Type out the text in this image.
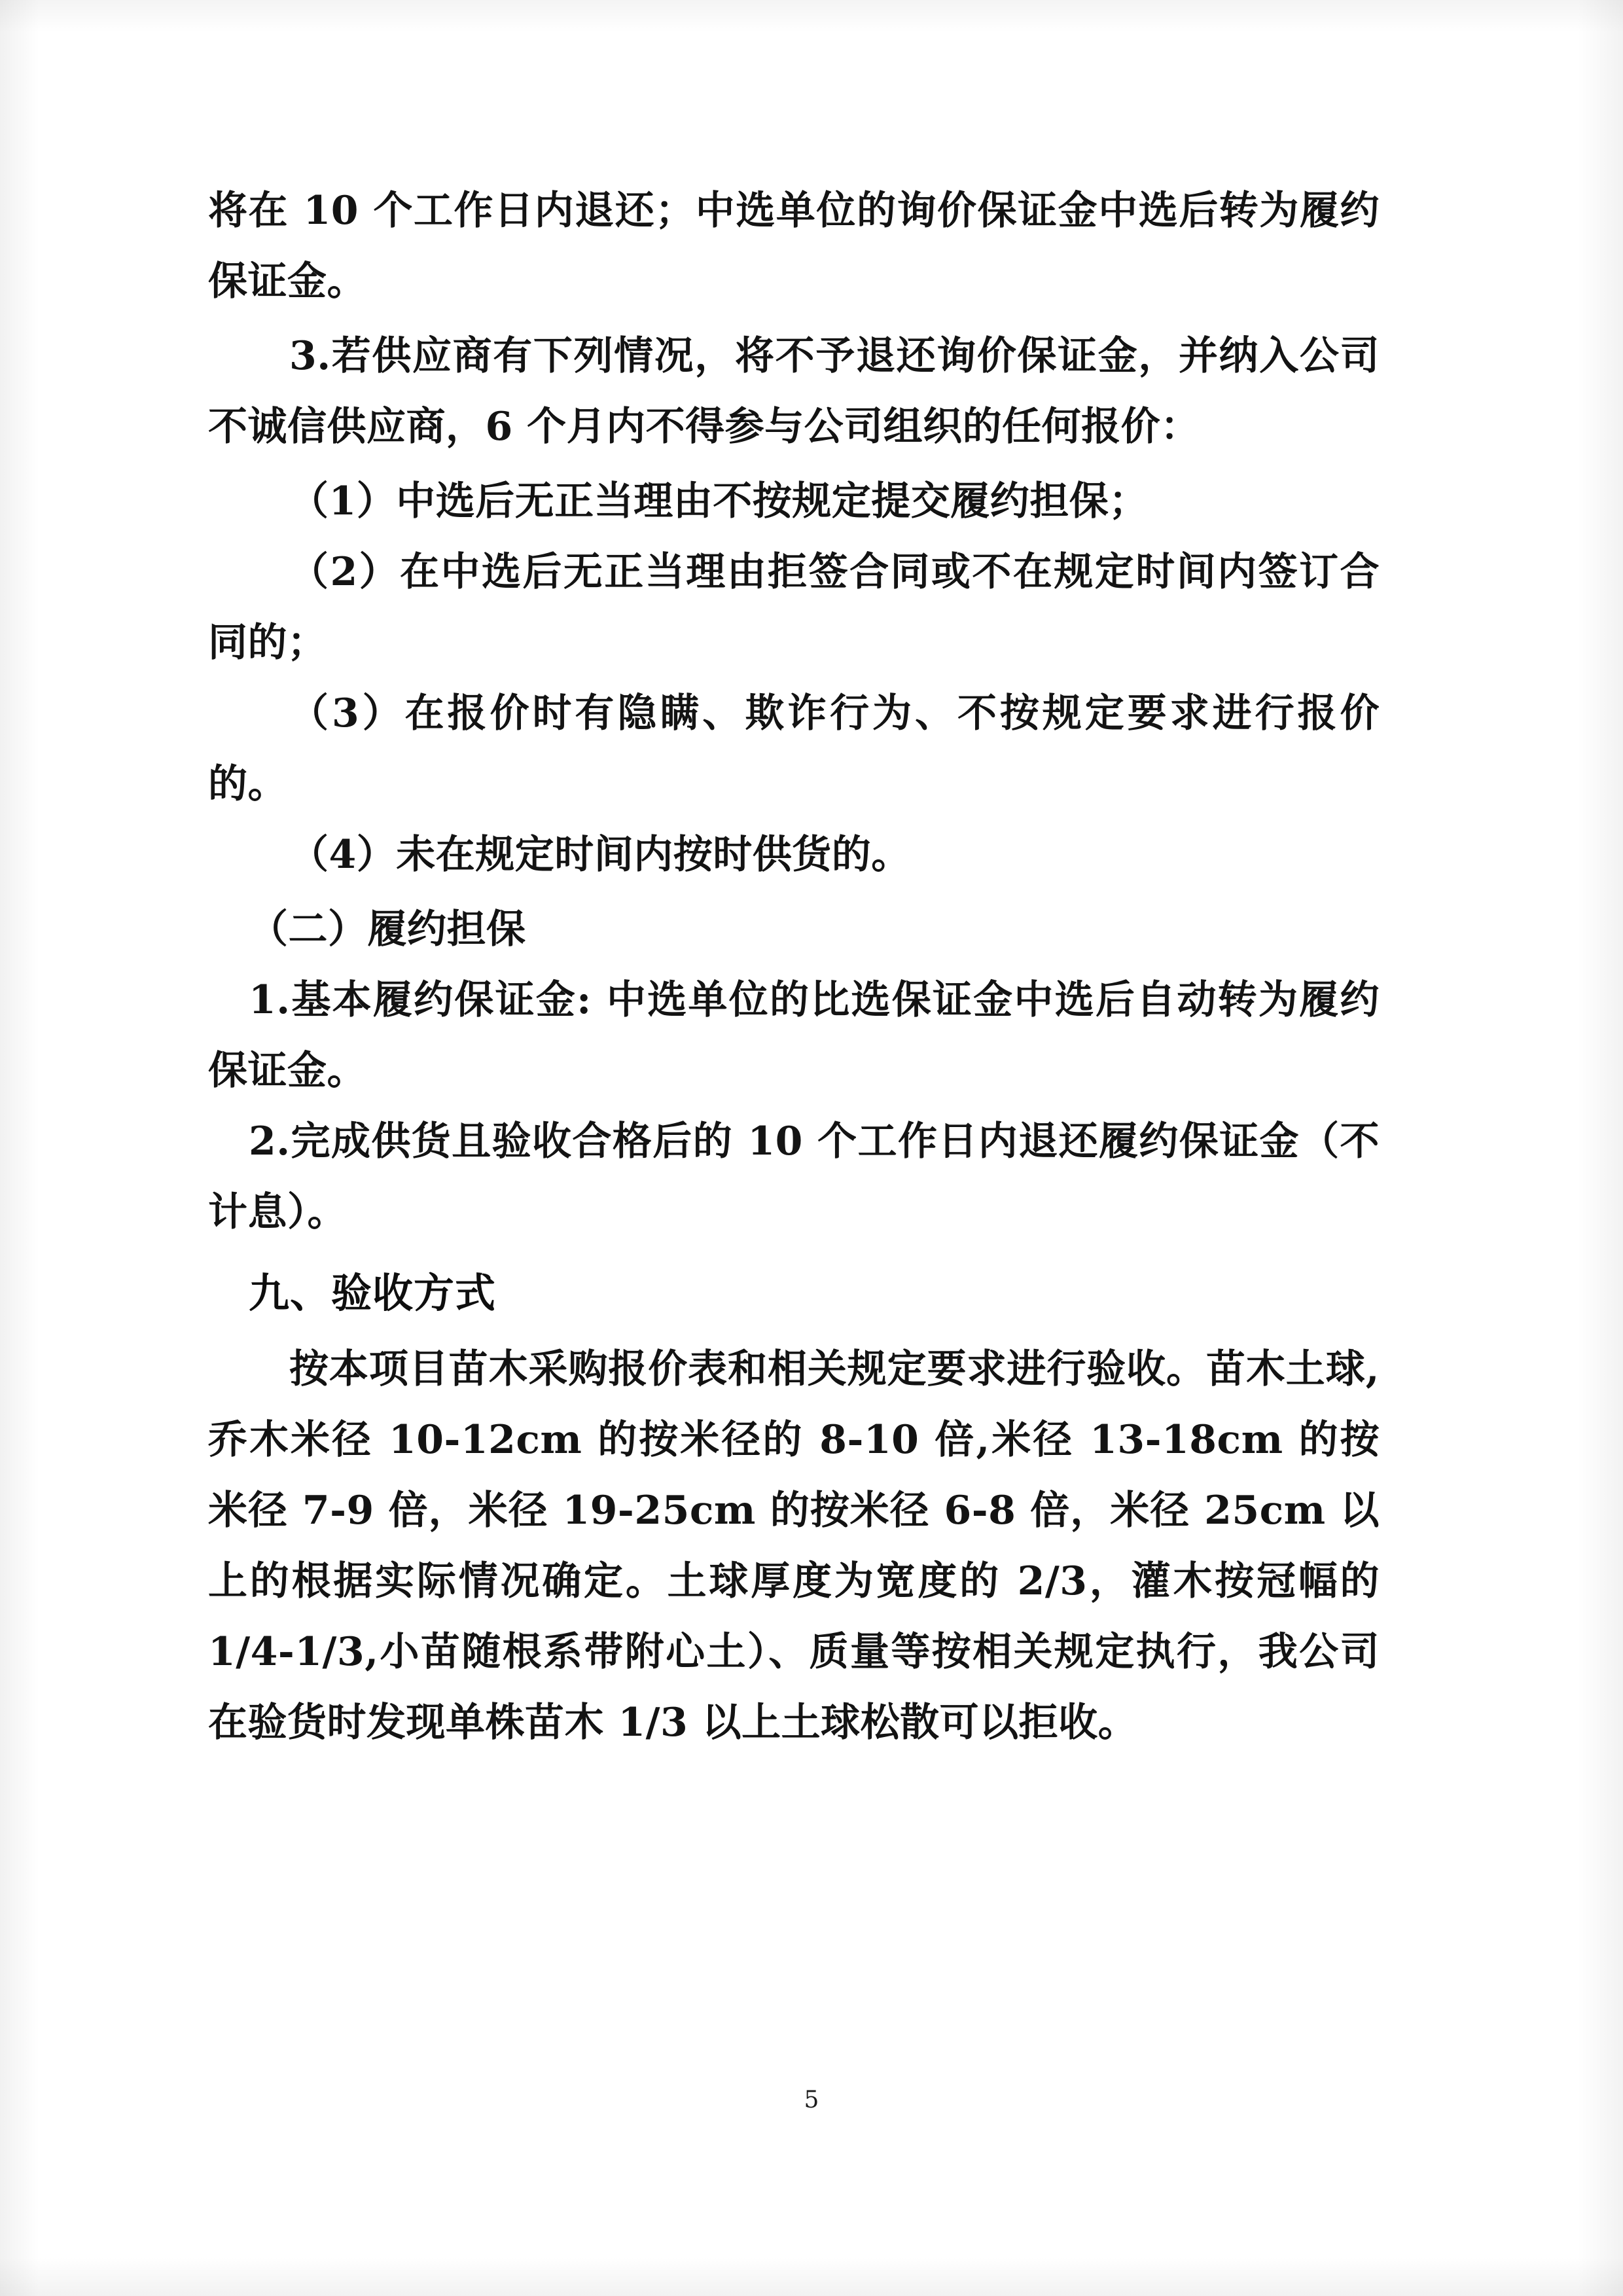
将在 10 个工作日内退还；中选单位的询价保证金中选后转为履约保证金。

3.若供应商有下列情况，将不予退还询价保证金，并纳入公司不诚信供应商，6 个月内不得参与公司组织的任何报价：

（1）中选后无正当理由不按规定提交履约担保；

（2）在中选后无正当理由拒签合同或不在规定时间内签订合同的；

（3）在报价时有隐瞒、欺诈行为、不按规定要求进行报价的。

（4）未在规定时间内按时供货的。

（二）履约担保

1.基本履约保证金: 中选单位的比选保证金中选后自动转为履约保证金。

2.完成供货且验收合格后的 10 个工作日内退还履约保证金（不计息）。

九、验收方式

按本项目苗木采购报价表和相关规定要求进行验收。苗木土球,乔木米径 10-12cm 的按米径的 8-10 倍,米径 13-18cm 的按米径 7-9 倍，米径 19-25cm 的按米径 6-8 倍，米径 25cm 以上的根据实际情况确定。土球厚度为宽度的 2/3，灌木按冠幅的 1/4-1/3,小苗随根系带附心土）、质量等按相关规定执行，我公司在验货时发现单株苗木 1/3 以上土球松散可以拒收。

5
